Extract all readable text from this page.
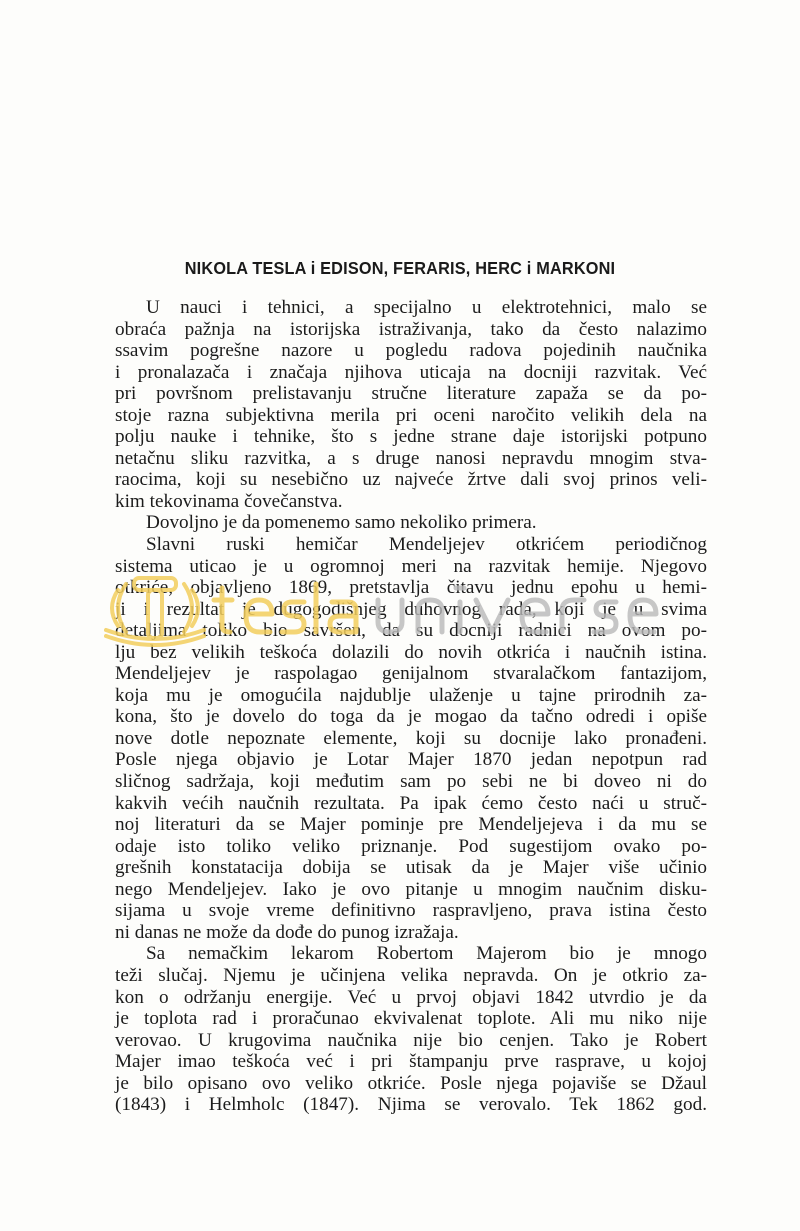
NIKOLA TESLA i EDISON, FERARIS, HERC i MARKONI
U nauci i tehnici, a specijalno u elektrotehnici, malo se
obraća pažnja na istorijska istraživanja, tako da često nalazimo
ssavim pogrešne nazore u pogledu radova pojedinih naučnika
i pronalazača i značaja njihova uticaja na docniji razvitak. Već
pri površnom prelistavanju stručne literature zapaža se da po-
stoje razna subjektivna merila pri oceni naročito velikih dela na
polju nauke i tehnike, što s jedne strane daje istorijski potpuno
netačnu sliku razvitka, a s druge nanosi nepravdu mnogim stva-
raocima, koji su nesebično uz najveće žrtve dali svoj prinos veli-
kim tekovinama čovečanstva.
Dovoljno je da pomenemo samo nekoliko primera.
Slavni ruski hemičar Mendeljejev otkrićem periodičnog
sistema uticao je u ogromnoj meri na razvitak hemije. Njegovo
otkriće, objavljeno 1869, pretstavlja čitavu jednu epohu u hemi-
ji i rezultat je dugogodišnjeg duhovnog rada, koji je u svima
detaljima toliko bio savršen, da su docniji radnici na ovom po-
lju bez velikih teškoća dolazili do novih otkrića i naučnih istina.
Mendeljejev je raspolagao genijalnom stvaralačkom fantazijom,
koja mu je omogućila najdublje ulaženje u tajne prirodnih za-
kona, što je dovelo do toga da je mogao da tačno odredi i opiše
nove dotle nepoznate elemente, koji su docnije lako pronađeni.
Posle njega objavio je Lotar Majer 1870 jedan nepotpun rad
sličnog sadržaja, koji međutim sam po sebi ne bi doveo ni do
kakvih većih naučnih rezultata. Pa ipak ćemo često naći u struč-
noj literaturi da se Majer pominje pre Mendeljejeva i da mu se
odaje isto toliko veliko priznanje. Pod sugestijom ovako po-
grešnih konstatacija dobija se utisak da je Majer više učinio
nego Mendeljejev. Iako je ovo pitanje u mnogim naučnim disku-
sijama u svoje vreme definitivno raspravljeno, prava istina često
ni danas ne može da dođe do punog izražaja.
Sa nemačkim lekarom Robertom Majerom bio je mnogo
teži slučaj. Njemu je učinjena velika nepravda. On je otkrio za-
kon o održanju energije. Već u prvoj objavi 1842 utvrdio je da
je toplota rad i proračunao ekvivalenat toplote. Ali mu niko nije
verovao. U krugovima naučnika nije bio cenjen. Tako je Robert
Majer imao teškoća već i pri štampanju prve rasprave, u kojoj
je bilo opisano ovo veliko otkriće. Posle njega pojaviše se Džaul
(1843) i Helmholc (1847). Njima se verovalo. Tek 1862 god.
